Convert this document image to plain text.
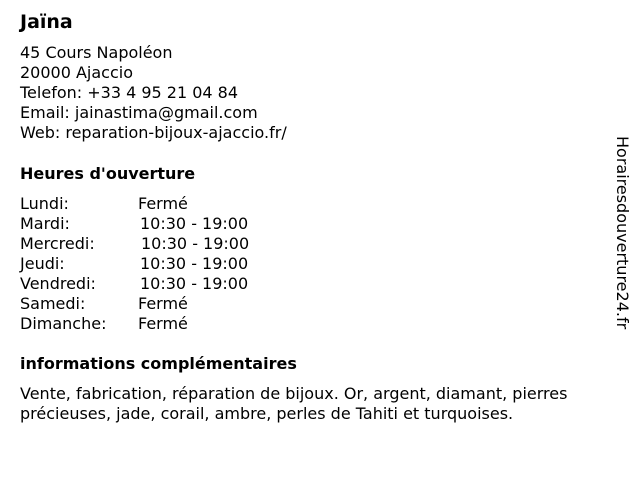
Jaïna
45 Cours Napoléon
20000 Ajaccio
Telefon: +33 4 95 21 04 84
Email: jainastima@gmail.com
Web: reparation-bijoux-ajaccio.fr/
Heures d'ouverture
Lundi:	Fermé
Mardi:	10:30 - 19:00
Mercredi:	10:30 - 19:00
Jeudi:	10:30 - 19:00
Vendredi:	10:30 - 19:00
Samedi:	Fermé
Dimanche: Fermé
informations complémentaires
Vente, fabrication, réparation de bijoux. Or, argent, diamant, pierres
précieuses, jade, corail, ambre, perles de Tahiti et turquoises.
Horairesdouverture24.fr
